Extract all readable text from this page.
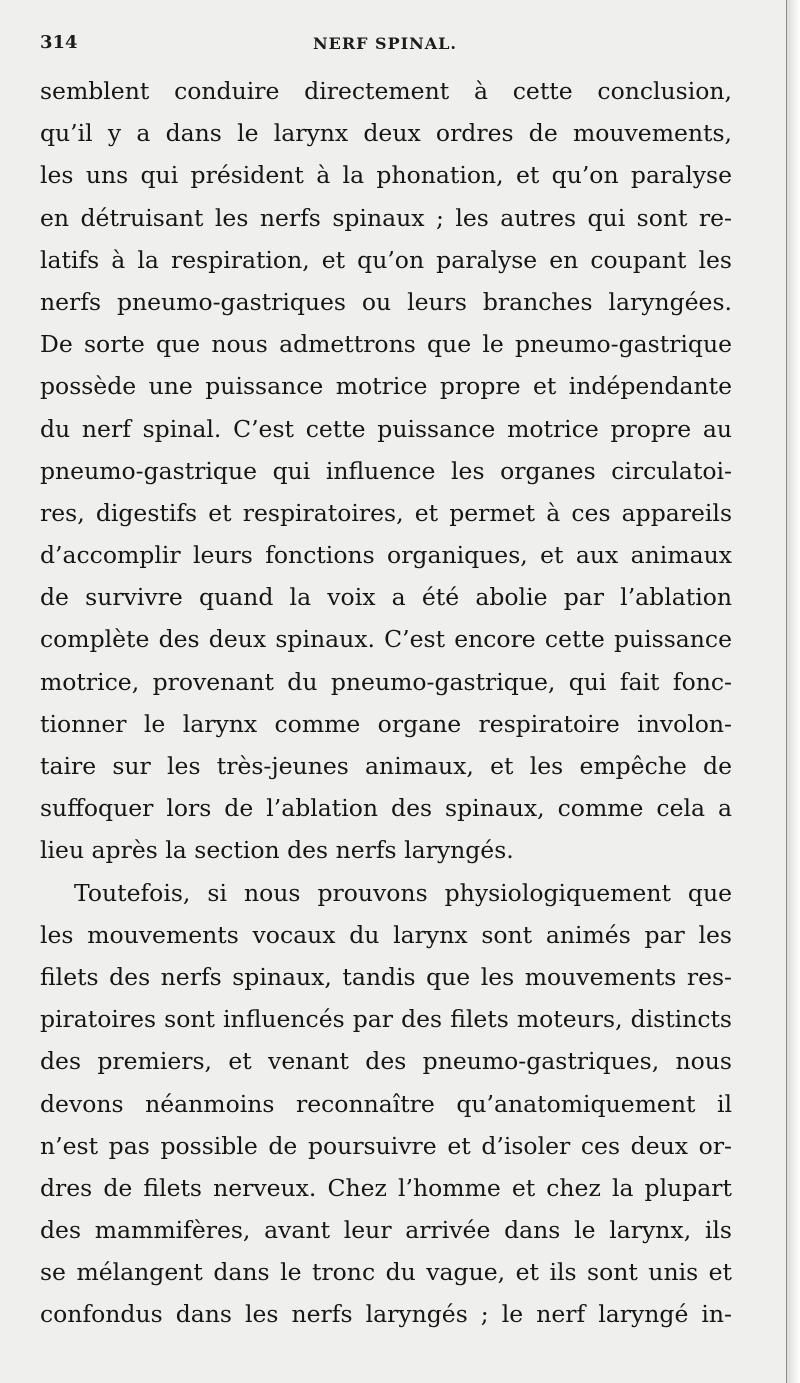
314	NERF SPINAL.
semblent conduire directement à cette conclusion,
qu’il y a dans le larynx deux ordres de mouvements,
les uns qui président à la phonation, et qu’on paralyse
en détruisant les nerfs spinaux ; les autres qui sont re-
latifs à la respiration, et qu’on paralyse en coupant les
nerfs pneumo-gastriques ou leurs branches laryngées.
De sorte que nous admettrons que le pneumo-gastrique
possède une puissance motrice propre et indépendante
du nerf spinal. C’est cette puissance motrice propre au
pneumo-gastrique qui influence les organes circulatoi-
res, digestifs et respiratoires, et permet à ces appareils
d’accomplir leurs fonctions organiques, et aux animaux
de survivre quand la voix a été abolie par l’ablation
complète des deux spinaux. C’est encore cette puissance
motrice, provenant du pneumo-gastrique, qui fait fonc-
tionner le larynx comme organe respiratoire involon-
taire sur les très-jeunes animaux, et les empêche de
suffoquer lors de l’ablation des spinaux, comme cela a
lieu après la section des nerfs laryngés.
Toutefois, si nous prouvons physiologiquement que
les mouvements vocaux du larynx sont animés par les
filets des nerfs spinaux, tandis que les mouvements res-
piratoires sont influencés par des filets moteurs, distincts
des premiers, et venant des pneumo-gastriques, nous
devons néanmoins reconnaître qu’anatomiquement il
n’est pas possible de poursuivre et d’isoler ces deux or-
dres de filets nerveux. Chez l’homme et chez la plupart
des mammifères, avant leur arrivée dans le larynx, ils
se mélangent dans le tronc du vague, et ils sont unis et
confondus dans les nerfs laryngés ; le nerf laryngé in-
